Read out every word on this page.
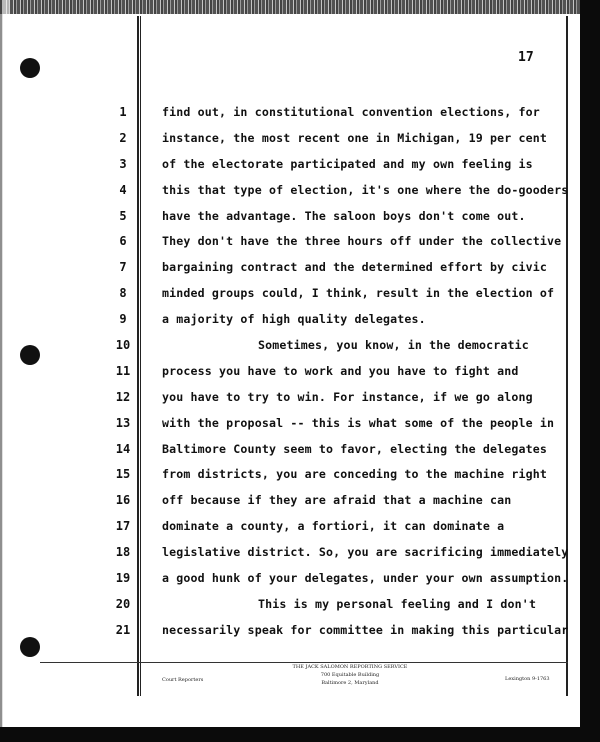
17
1
2
3
4
5
6
7
8
9
10
11
12
13
14
15
16
17
18
19
20
21
find out, in constitutional convention elections, for
instance, the most recent one in Michigan, 19 per cent
of the electorate participated and my own feeling is
this that type of election, it's one where the do-gooders
have the advantage. The saloon boys don't come out.
They don't have the three hours off under the collective
bargaining contract and the determined effort by civic
minded groups could, I think, result in the election of
a majority of high quality delegates.
Sometimes, you know, in the democratic
process you have to work and you have to fight and
you have to try to win. For instance, if we go along
with the proposal -- this is what some of the people in
Baltimore County seem to favor, electing the delegates
from districts, you are conceding to the machine right
off because if they are afraid that a machine can
dominate a county, a fortiori, it can dominate a
legislative district. So, you are sacrificing immediately
a good hunk of your delegates, under your own assumption.
This is my personal feeling and I don't
necessarily speak for committee in making this particular
THE JACK SALOMON REPORTING SERVICE
700 Equitable Building
Baltimore 2, Maryland
Court Reporters	Lexington 9-1763
